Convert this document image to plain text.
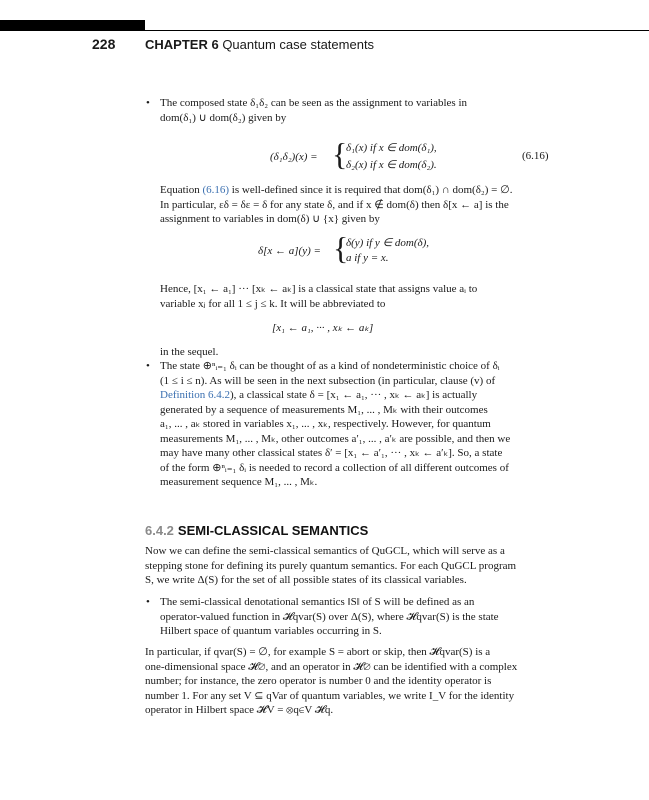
228 CHAPTER 6 Quantum case statements
• The composed state δ₁δ₂ can be seen as the assignment to variables in
dom(δ₁) ∪ dom(δ₂) given by
(δ₁δ₂)(x) = {
δ₁(x) if x ∈ dom(δ₁),
δ₂(x) if x ∈ dom(δ₂).
(6.16)
Equation (6.16) is well-defined since it is required that dom(δ₁) ∩ dom(δ₂) = ∅.
In particular, εδ = δε = δ for any state δ, and if x ∉ dom(δ) then δ[x ← a] is the
assignment to variables in dom(δ) ∪ {x} given by
δ[x ← a](y) = {
δ(y) if y ∈ dom(δ),
a if y = x.
Hence, [x₁ ← a₁] ··· [xₖ ← aₖ] is a classical state that assigns value aᵢ to
variable xⱼ for all 1 ≤ j ≤ k. It will be abbreviated to
[x₁ ← a₁, ··· , xₖ ← aₖ]
in the sequel.
• The state ⊕ⁿᵢ₌₁ δᵢ can be thought of as a kind of nondeterministic choice of δᵢ
(1 ≤ i ≤ n). As will be seen in the next subsection (in particular, clause (v) of
Definition 6.4.2), a classical state δ = [x₁ ← a₁, ··· , xₖ ← aₖ] is actually
generated by a sequence of measurements M₁, ... , Mₖ with their outcomes
a₁, ... , aₖ stored in variables x₁, ... , xₖ, respectively. However, for quantum
measurements M₁, ... , Mₖ, other outcomes a′₁, ... , a′ₖ are possible, and then we
may have many other classical states δ′ = [x₁ ← a′₁, ··· , xₖ ← a′ₖ]. So, a state
of the form ⊕ⁿᵢ₌₁ δᵢ is needed to record a collection of all different outcomes of
measurement sequence M₁, ... , Mₖ.
6.4.2 SEMI-CLASSICAL SEMANTICS
Now we can define the semi-classical semantics of QuGCL, which will serve as a
stepping stone for defining its purely quantum semantics. For each QuGCL program
S, we write Δ(S) for the set of all possible states of its classical variables.
• The semi-classical denotational semantics ‖S‖ of S will be defined as an
operator-valued function in 𝓗qvar(S) over Δ(S), where 𝓗qvar(S) is the state
Hilbert space of quantum variables occurring in S.
In particular, if qvar(S) = ∅, for example S = abort or skip, then 𝓗qvar(S) is a
one-dimensional space 𝓗∅, and an operator in 𝓗∅ can be identified with a complex
number; for instance, the zero operator is number 0 and the identity operator is
number 1. For any set V ⊆ qVar of quantum variables, we write I_V for the identity
operator in Hilbert space 𝓗V = ⊗q∈V 𝓗q.
